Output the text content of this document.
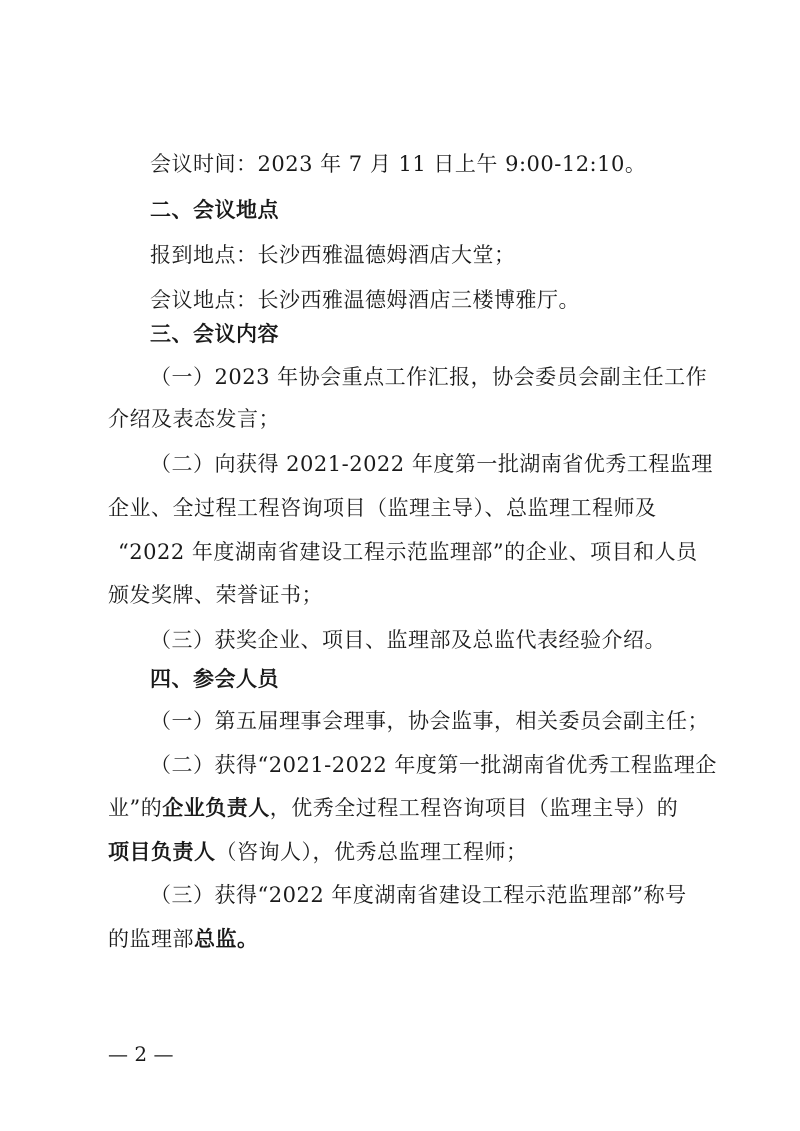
会议时间：2023 年 7 月 11 日上午 9:00-12:10。
二、会议地点
报到地点：长沙西雅温德姆酒店大堂；
会议地点：长沙西雅温德姆酒店三楼博雅厅。
三、会议内容
（一）2023 年协会重点工作汇报，协会委员会副主任工作
介绍及表态发言；
（二）向获得 2021-2022 年度第一批湖南省优秀工程监理
企业、全过程工程咨询项目（监理主导）、总监理工程师及
“2022 年度湖南省建设工程示范监理部”的企业、项目和人员
颁发奖牌、荣誉证书；
（三）获奖企业、项目、监理部及总监代表经验介绍。
四、参会人员
（一）第五届理事会理事，协会监事，相关委员会副主任；
（二）获得“2021-2022 年度第一批湖南省优秀工程监理企
业”的企业负责人，优秀全过程工程咨询项目（监理主导）的
项目负责人（咨询人），优秀总监理工程师；
（三）获得“2022 年度湖南省建设工程示范监理部”称号
的监理部总监。
— 2 —
